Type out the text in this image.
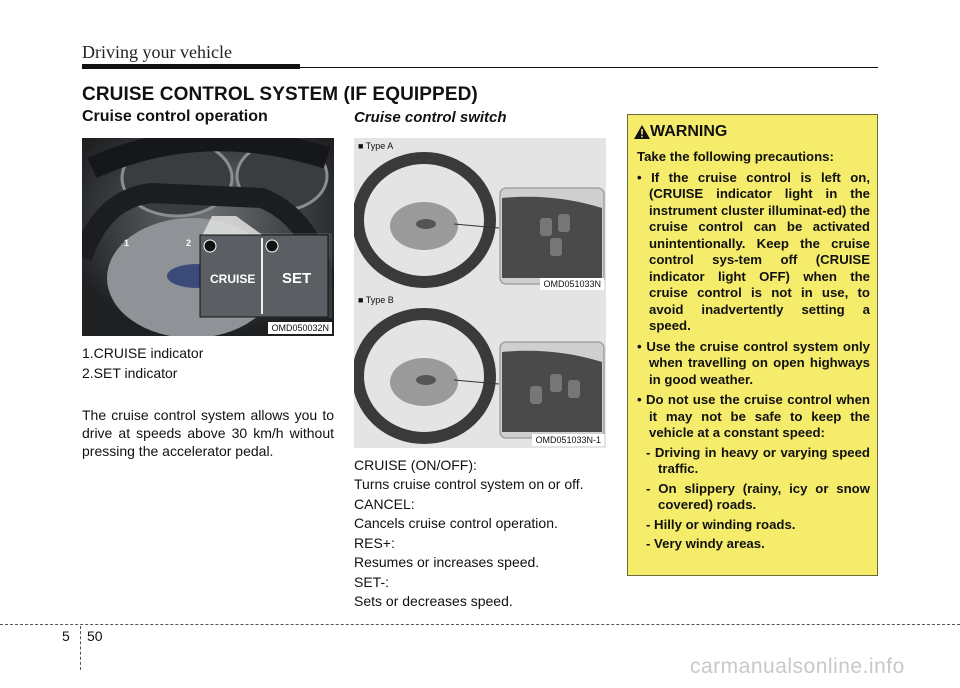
Driving your vehicle
CRUISE CONTROL SYSTEM (IF EQUIPPED)
Cruise control operation
1	2
CRUISE SET
OMD050032N
1.CRUISE indicator
2.SET indicator
The cruise control system allows you to drive at speeds above 30 km/h without pressing the accelerator pedal.
Cruise control switch
■ Type A
OMD051033N
■ Type B
OMD051033N-1
CRUISE (ON/OFF):
Turns cruise control system on or off.
CANCEL:
Cancels cruise control operation.
RES+:
Resumes or increases speed.
SET-:
Sets or decreases speed.
WARNING

Take the following precautions:

• If the cruise control is left on, (CRUISE indicator light in the instrument cluster illuminat-ed) the cruise control can be activated unintentionally. Keep the cruise control sys-tem off (CRUISE indicator light OFF) when the cruise control is not in use, to avoid inadvertently setting a speed.

• Use the cruise control system only when travelling on open highways in good weather.

• Do not use the cruise control when it may not be safe to keep the vehicle at a constant speed:

- Driving in heavy or varying speed traffic.

- On slippery (rainy, icy or snow covered) roads.

- Hilly or winding roads.

- Very windy areas.

5 50
carmanualsonline.info
